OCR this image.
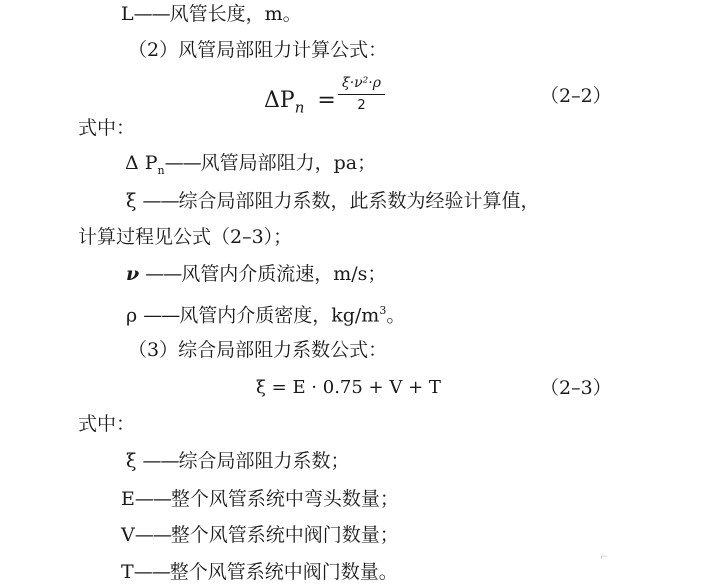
L——风管长度，m。
（2）风管局部阻力计算公式：
$\Delta P_n$ =
ξ·ν²·ρ
2	（2–2）
式中：
Δ $P_n——$风管局部阻力，pa；
ξ ——综合局部阻力系数，此系数为经验计算值，
计算过程见公式（2–3）；
ν ——风管内介质流速，m/s；
ρ ——风管内介质密度，$kg/m^3$。
（3）综合局部阻力系数公式：
ξ = E · 0.75 + V + T	（2–3）
式中：
ξ ——综合局部阻力系数；
E——整个风管系统中弯头数量；
V——整个风管系统中阀门数量；
T——整个风管系统中阀门数量。
⌐
